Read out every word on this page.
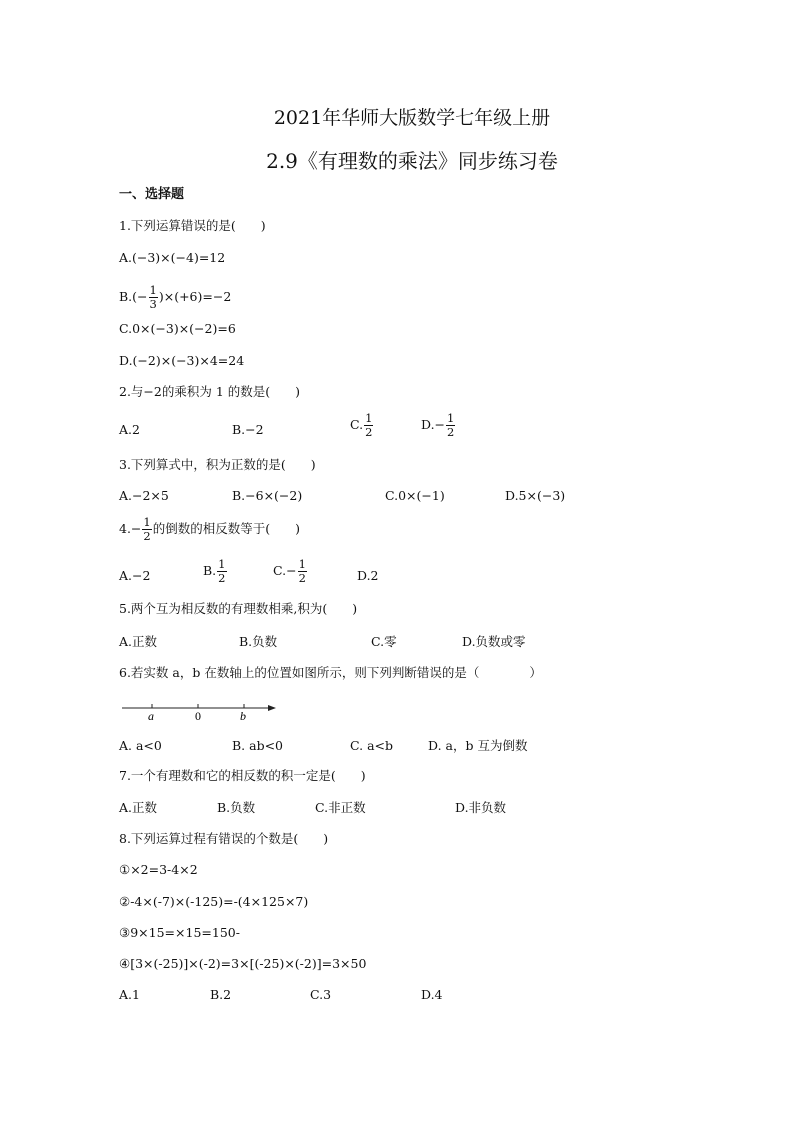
2021年华师大版数学七年级上册
2.9《有理数的乘法》同步练习卷
一、选择题
1.下列运算错误的是(　　)
A.(−3)×(−4)=12
$B.(- \frac{1}{3} )\times(+6)=-2$
C.0×(−3)×(−2)=6
D.(−2)×(−3)×4=24
2.与−2的乘积为 1 的数是(　　)
A.2	B.−2	C. $\frac{1}{2}$	$D.- \frac{1}{2}$
3.下列算式中，积为正数的是(　　)
A.−2×5	B.−6×(−2)	C.0×(−1)	D.5×(−3)
$4.- \frac{1}{2}$ 的倒数的相反数等于(　　)
A.−2	B. $\frac{1}{2}$	$C.- \frac{1}{2}$	D.2
5.两个互为相反数的有理数相乘,积为(　　)
A.正数	B.负数	C.零	D.负数或零
6.若实数 a，b 在数轴上的位置如图所示，则下列判断错误的是（　　　　）
a	0	b
A. a<0	B. ab<0	C. a<b	D. a，b 互为倒数
7.一个有理数和它的相反数的积一定是(　　)
A.正数	B.负数	C.非正数	D.非负数
8.下列运算过程有错误的个数是(　　)
①×2=3-4×2
②-4×(-7)×(-125)=-(4×125×7)
③9×15=×15=150-
④[3×(-25)]×(-2)=3×[(-25)×(-2)]=3×50
A.1	B.2	C.3	D.4
